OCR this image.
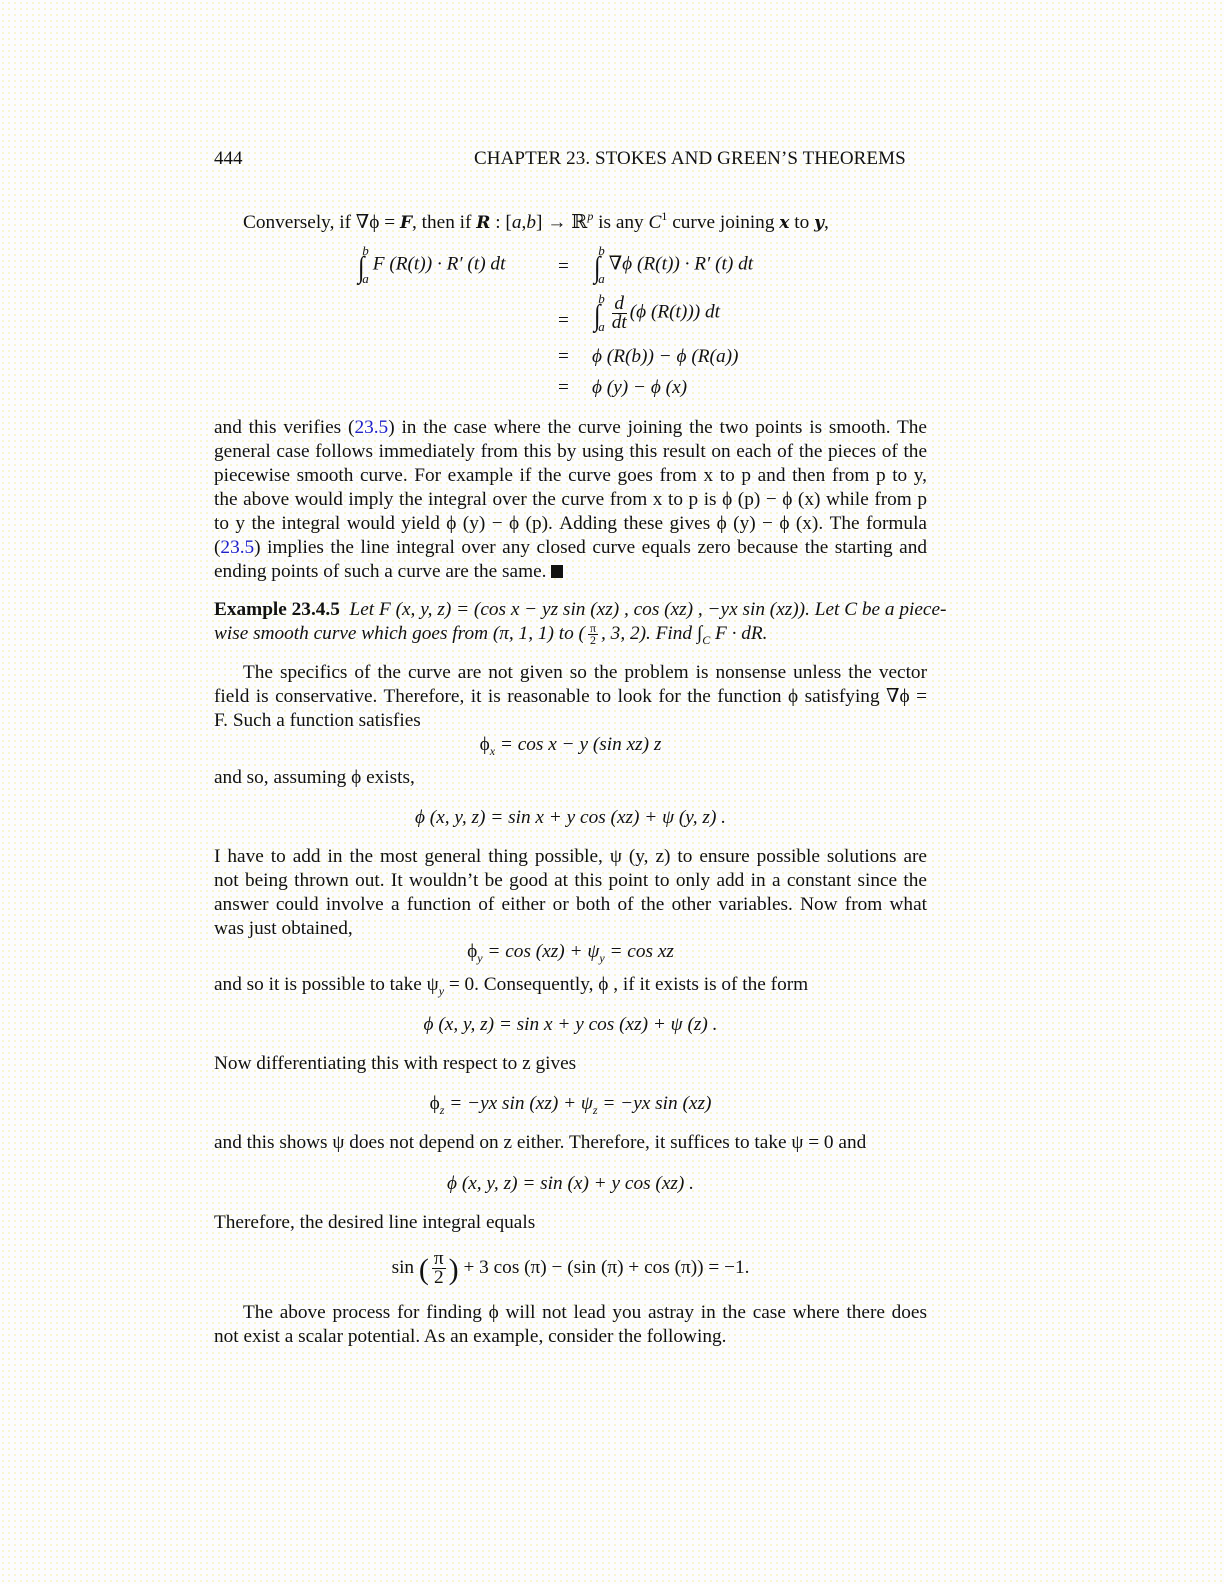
444	CHAPTER 23. STOKES AND GREEN’S THEOREMS
Conversely, if ∇ϕ = F, then if R : [a,b] → ℝ$^p$ is any $C^1$ curve joining x to y,
∫b

aF (R(t)) · R′ (t) dt	= ∫b

a∇ϕ (R(t)) · R′ (t) dt
= ∫b

a $\frac{d}{dt} (\phi$ (R(t))) dt
= ϕ (R(b)) − ϕ (R(a))
= ϕ (y) − ϕ (x)
and this verifies (23.5) in the case where the curve joining the two points is smooth. The
general case follows immediately from this by using this result on each of the pieces of the
piecewise smooth curve. For example if the curve goes from x to p and then from p to y,
the above would imply the integral over the curve from x to p is ϕ (p) − ϕ (x) while from p
to y the integral would yield ϕ (y) − ϕ (p). Adding these gives ϕ (y) − ϕ (x). The formula
(23.5) implies the line integral over any closed curve equals zero because the starting and
ending points of such a curve are the same.
Example 23.4.5 Let F (x, y, z) = (cos x − yz sin (xz) , cos (xz) , −yx sin (xz)). Let C be a piece-
wise smooth curve which goes from (π, 1, 1) to ( $\frac{\pi}{2}$ , 3, 2). Find $\int_C$ F · dR.
The specifics of the curve are not given so the problem is nonsense unless the vector
field is conservative. Therefore, it is reasonable to look for the function ϕ satisfying ∇ϕ =
F. Such a function satisfies
$\phi_x = \cos x - y$ (sin xz) z
and so, assuming ϕ exists,
ϕ (x, y, z) = sin x + y cos (xz) + ψ (y, z) .
I have to add in the most general thing possible, ψ (y, z) to ensure possible solutions are
not being thrown out. It wouldn’t be good at this point to only add in a constant since the
answer could involve a function of either or both of the other variables. Now from what
was just obtained,
$\phi_y = \cos (xz) + \psi_y = \cos$ xz
and so it is possible to take $\psi_y = 0$. Consequently, ϕ , if it exists is of the form
ϕ (x, y, z) = sin x + y cos (xz) + ψ (z) .
Now differentiating this with respect to z gives
$\phi_z = -yx$ $\sin (xz) + \psi_z = -yx$ sin (xz)
and this shows ψ does not depend on z either. Therefore, it suffices to take ψ = 0 and
ϕ (x, y, z) = sin (x) + y cos (xz) .
Therefore, the desired line integral equals
sin ( $\frac{\pi}{2}$ ) + 3 cos (π) − (sin (π) + cos (π)) = −1.
The above process for finding ϕ will not lead you astray in the case where there does
not exist a scalar potential. As an example, consider the following.
